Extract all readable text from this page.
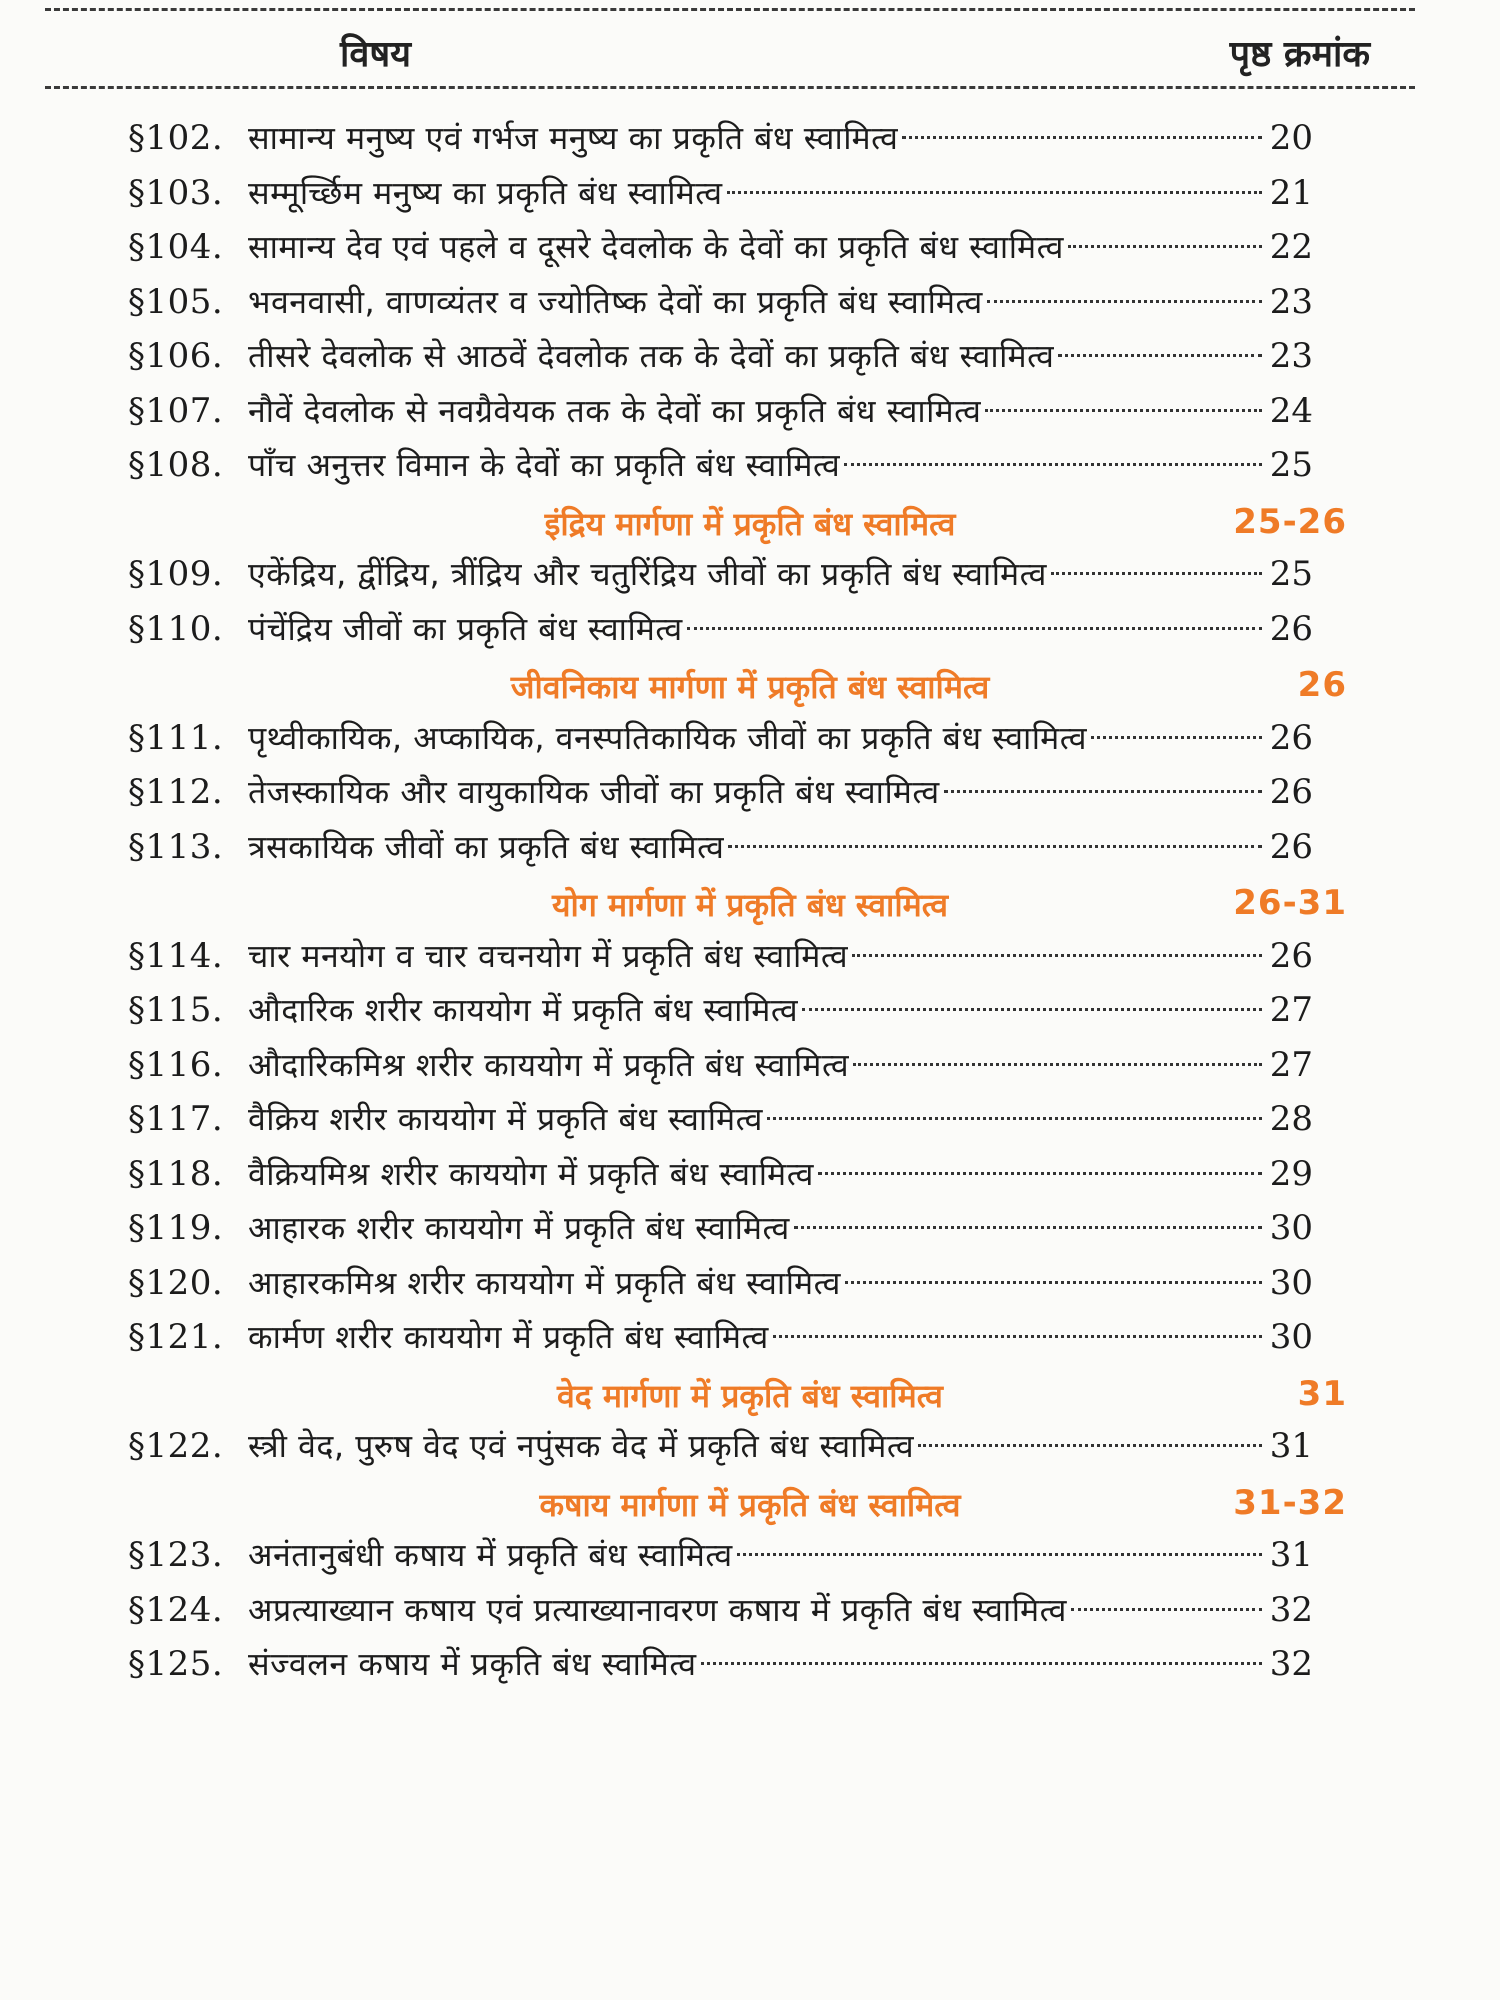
विषय	पृष्ठ क्रमांक
§102. सामान्य मनुष्य एवं गर्भज मनुष्य का प्रकृति बंध स्वामित्व	20
§103. सम्मूर्च्छिम मनुष्य का प्रकृति बंध स्वामित्व	21
§104. सामान्य देव एवं पहले व दूसरे देवलोक के देवों का प्रकृति बंध स्वामित्व	22
§105. भवनवासी, वाणव्यंतर व ज्योतिष्क देवों का प्रकृति बंध स्वामित्व	23
§106. तीसरे देवलोक से आठवें देवलोक तक के देवों का प्रकृति बंध स्वामित्व	23
§107. नौवें देवलोक से नवग्रैवेयक तक के देवों का प्रकृति बंध स्वामित्व	24
§108. पाँच अनुत्तर विमान के देवों का प्रकृति बंध स्वामित्व	25
इंद्रिय मार्गणा में प्रकृति बंध स्वामित्व	25-26
§109. एकेंद्रिय, द्वींद्रिय, त्रींद्रिय और चतुरिंद्रिय जीवों का प्रकृति बंध स्वामित्व	25
§110. पंचेंद्रिय जीवों का प्रकृति बंध स्वामित्व	26
जीवनिकाय मार्गणा में प्रकृति बंध स्वामित्व	26
§111. पृथ्वीकायिक, अप्कायिक, वनस्पतिकायिक जीवों का प्रकृति बंध स्वामित्व	26
§112. तेजस्कायिक और वायुकायिक जीवों का प्रकृति बंध स्वामित्व	26
§113. त्रसकायिक जीवों का प्रकृति बंध स्वामित्व	26
योग मार्गणा में प्रकृति बंध स्वामित्व	26-31
§114. चार मनयोग व चार वचनयोग में प्रकृति बंध स्वामित्व	26
§115. औदारिक शरीर काययोग में प्रकृति बंध स्वामित्व	27
§116. औदारिकमिश्र शरीर काययोग में प्रकृति बंध स्वामित्व	27
§117. वैक्रिय शरीर काययोग में प्रकृति बंध स्वामित्व	28
§118. वैक्रियमिश्र शरीर काययोग में प्रकृति बंध स्वामित्व	29
§119. आहारक शरीर काययोग में प्रकृति बंध स्वामित्व	30
§120. आहारकमिश्र शरीर काययोग में प्रकृति बंध स्वामित्व	30
§121. कार्मण शरीर काययोग में प्रकृति बंध स्वामित्व	30
वेद मार्गणा में प्रकृति बंध स्वामित्व	31
§122. स्त्री वेद, पुरुष वेद एवं नपुंसक वेद में प्रकृति बंध स्वामित्व	31
कषाय मार्गणा में प्रकृति बंध स्वामित्व	31-32
§123. अनंतानुबंधी कषाय में प्रकृति बंध स्वामित्व	31
§124. अप्रत्याख्यान कषाय एवं प्रत्याख्यानावरण कषाय में प्रकृति बंध स्वामित्व	32
§125. संज्वलन कषाय में प्रकृति बंध स्वामित्व	32
